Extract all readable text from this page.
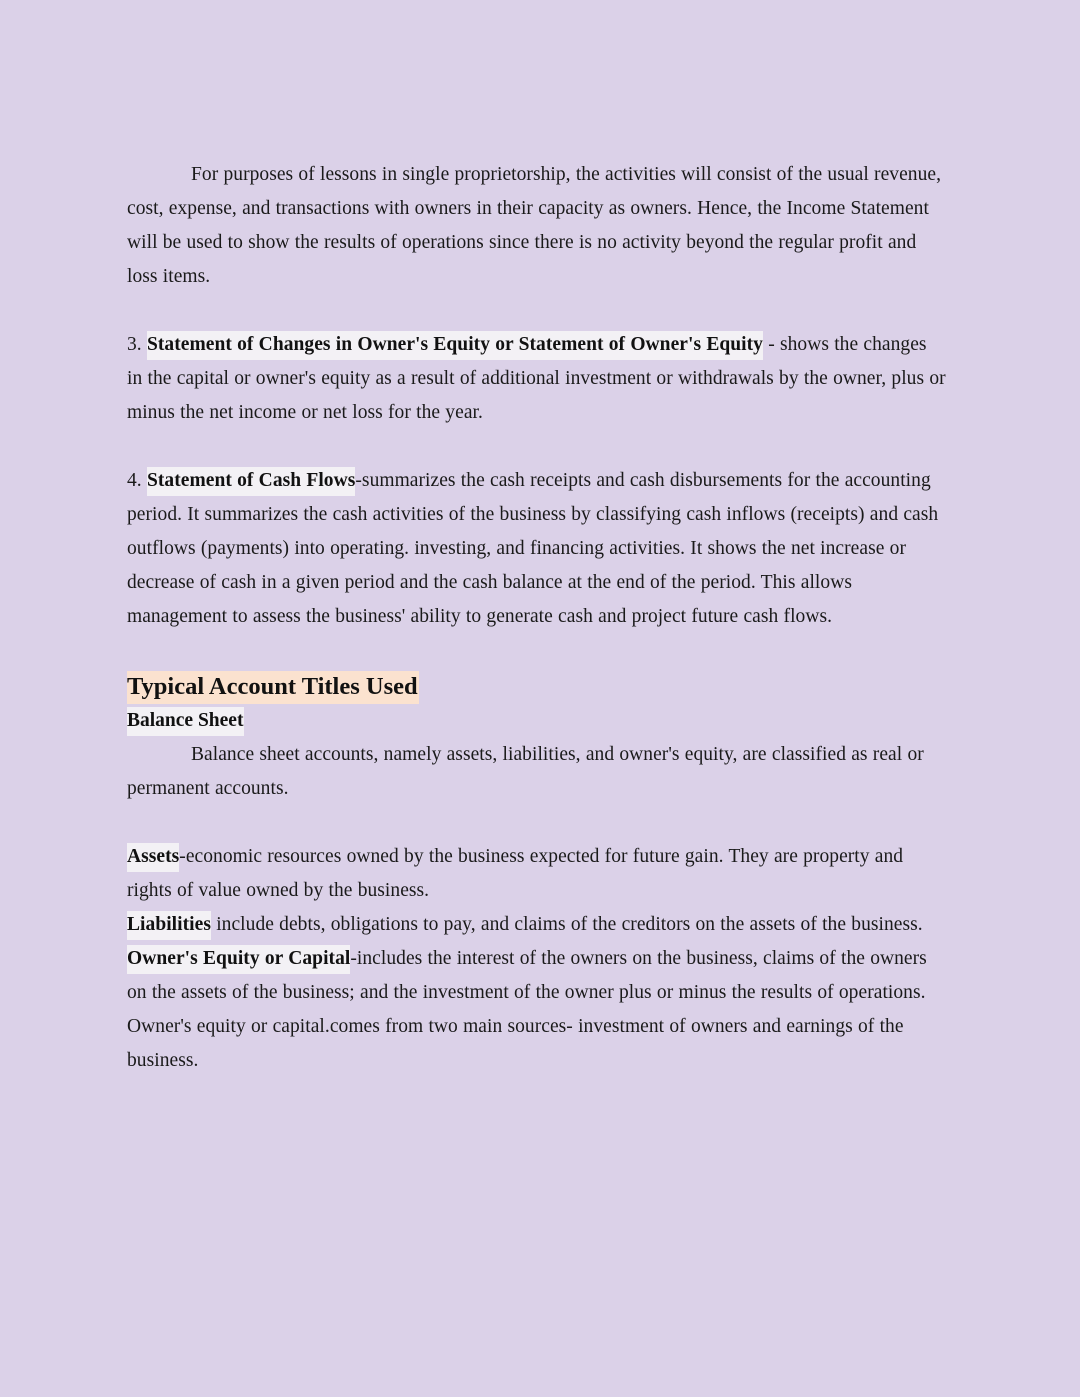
For purposes of lessons in single proprietorship, the activities will consist of the usual revenue, cost, expense, and transactions with owners in their capacity as owners. Hence, the Income Statement will be used to show the results of operations since there is no activity beyond the regular profit and loss items.

3. Statement of Changes in Owner's Equity or Statement of Owner's Equity - shows the changes in the capital or owner's equity as a result of additional investment or withdrawals by the owner, plus or minus the net income or net loss for the year.

4. Statement of Cash Flows-summarizes the cash receipts and cash disbursements for the accounting period. It summarizes the cash activities of the business by classifying cash inflows (receipts) and cash outflows (payments) into operating. investing, and financing activities. It shows the net increase or decrease of cash in a given period and the cash balance at the end of the period. This allows management to assess the business' ability to generate cash and project future cash flows.

Typical Account Titles Used

Balance Sheet

Balance sheet accounts, namely assets, liabilities, and owner's equity, are classified as real or permanent accounts.

Assets-economic resources owned by the business expected for future gain. They are property and rights of value owned by the business.

Liabilities include debts, obligations to pay, and claims of the creditors on the assets of the business.

Owner's Equity or Capital-includes the interest of the owners on the business, claims of the owners on the assets of the business; and the investment of the owner plus or minus the results of operations. Owner's equity or capital.comes from two main sources- investment of owners and earnings of the business.
